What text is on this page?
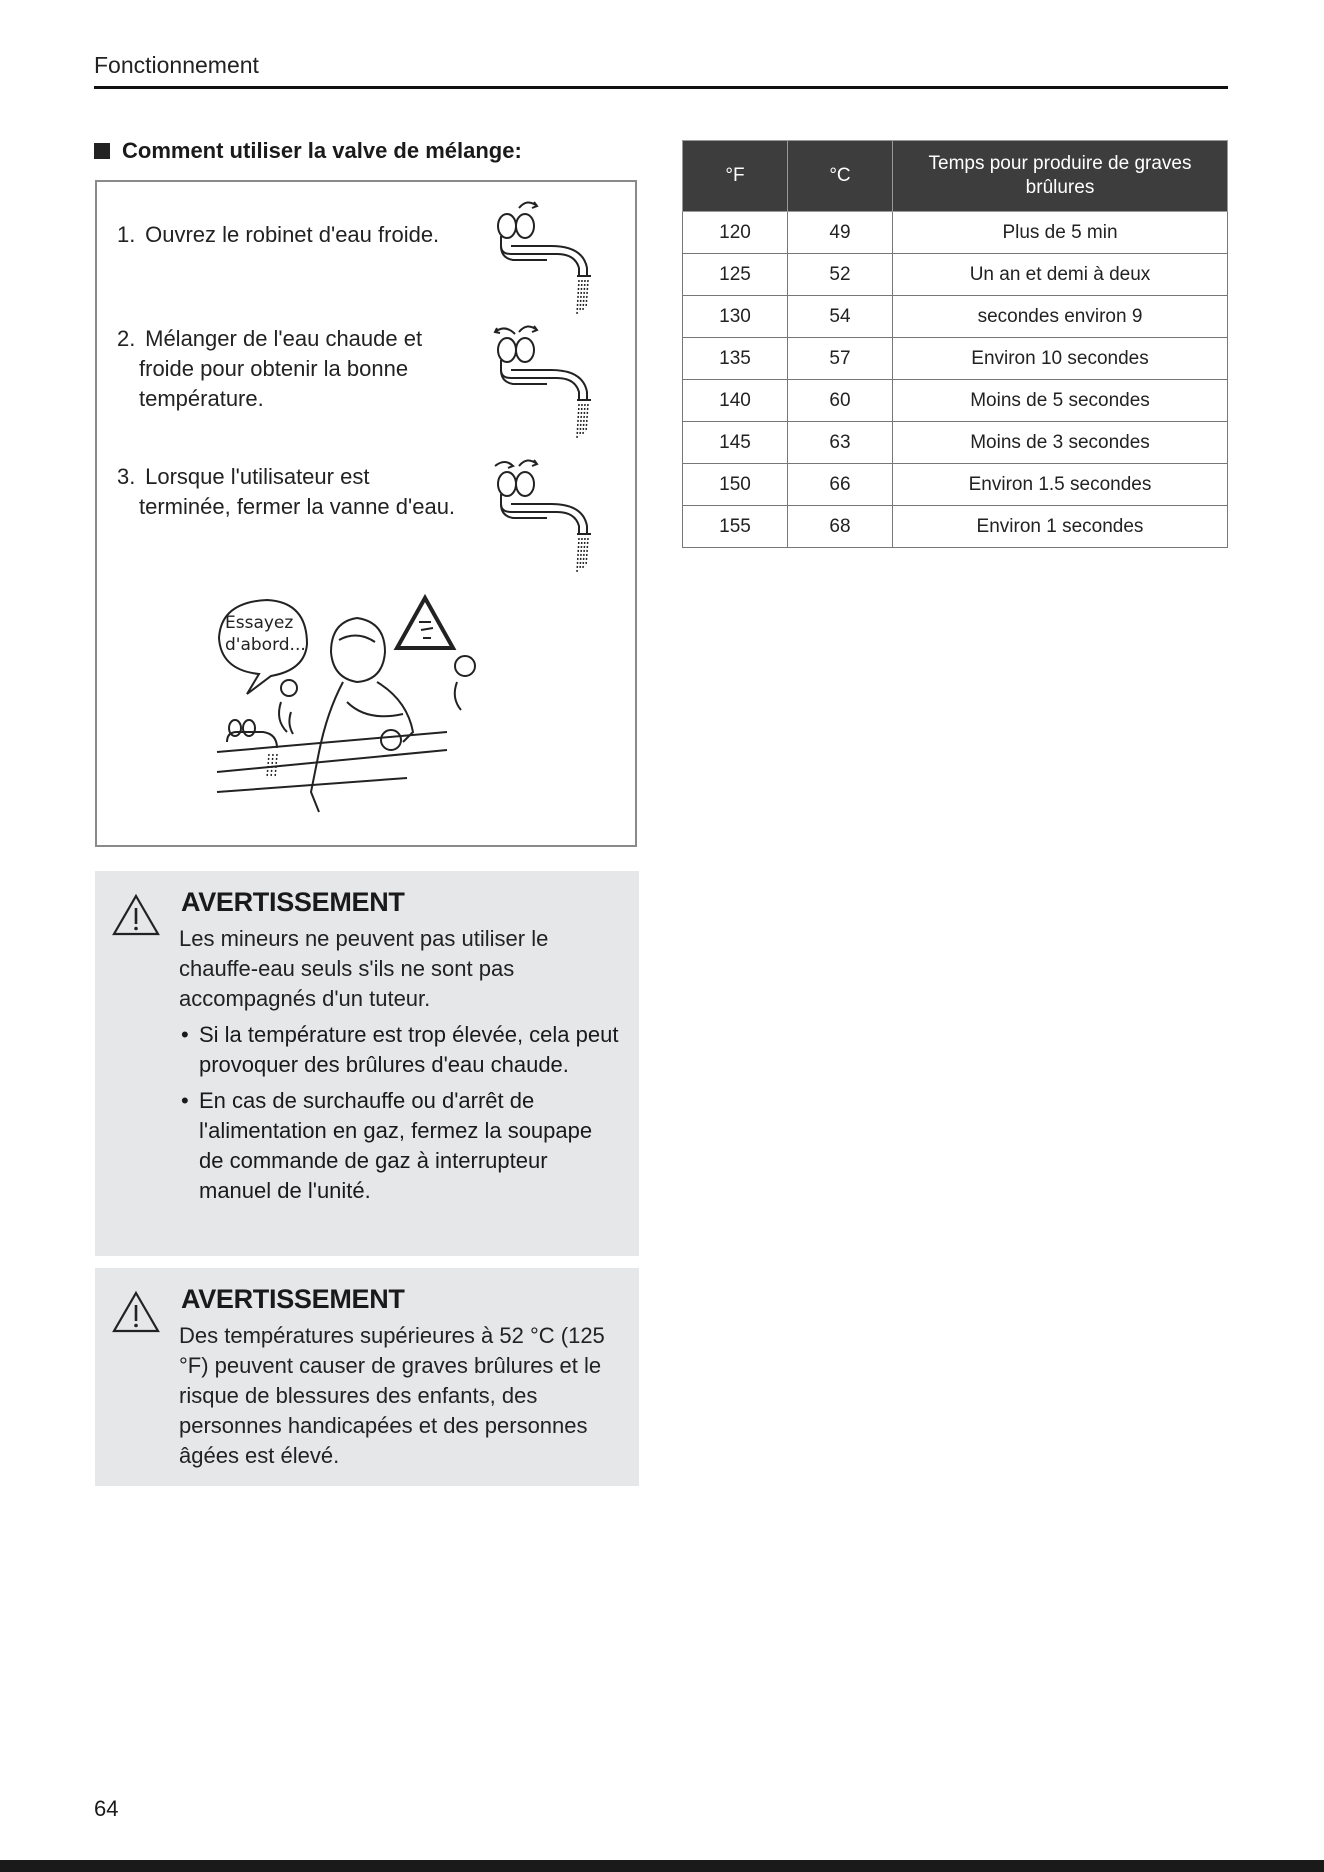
Fonctionnement
Comment utiliser la valve de mélange:
1. Ouvrez le robinet d'eau froide.
2. Mélanger de l'eau chaude et
froide pour obtenir la bonne
température.
3. Lorsque l'utilisateur est
terminée, fermer la vanne d'eau.
Essayez
d'abord...
AVERTISSEMENT
Les mineurs ne peuvent pas utiliser le chauffe-eau seuls s'ils ne sont pas accompagnés d'un tuteur.
• Si la température est trop élevée, cela peut provoquer des brûlures d'eau chaude.
• En cas de surchauffe ou d'arrêt de l'alimentation en gaz, fermez la soupape de commande de gaz à interrupteur manuel de l'unité.
AVERTISSEMENT
Des températures supérieures à 52 °C (125 °F) peuvent causer de graves brûlures et le risque de blessures des enfants, des personnes handicapées et des personnes âgées est élevé.
°F	°C	Temps pour produire de graves brûlures
120	49	Plus de 5 min
125	52	Un an et demi à deux
130	54	secondes environ 9
135	57	Environ 10 secondes
140	60	Moins de 5 secondes
145	63	Moins de 3 secondes
150	66	Environ 1.5 secondes
155	68	Environ 1 secondes
64
